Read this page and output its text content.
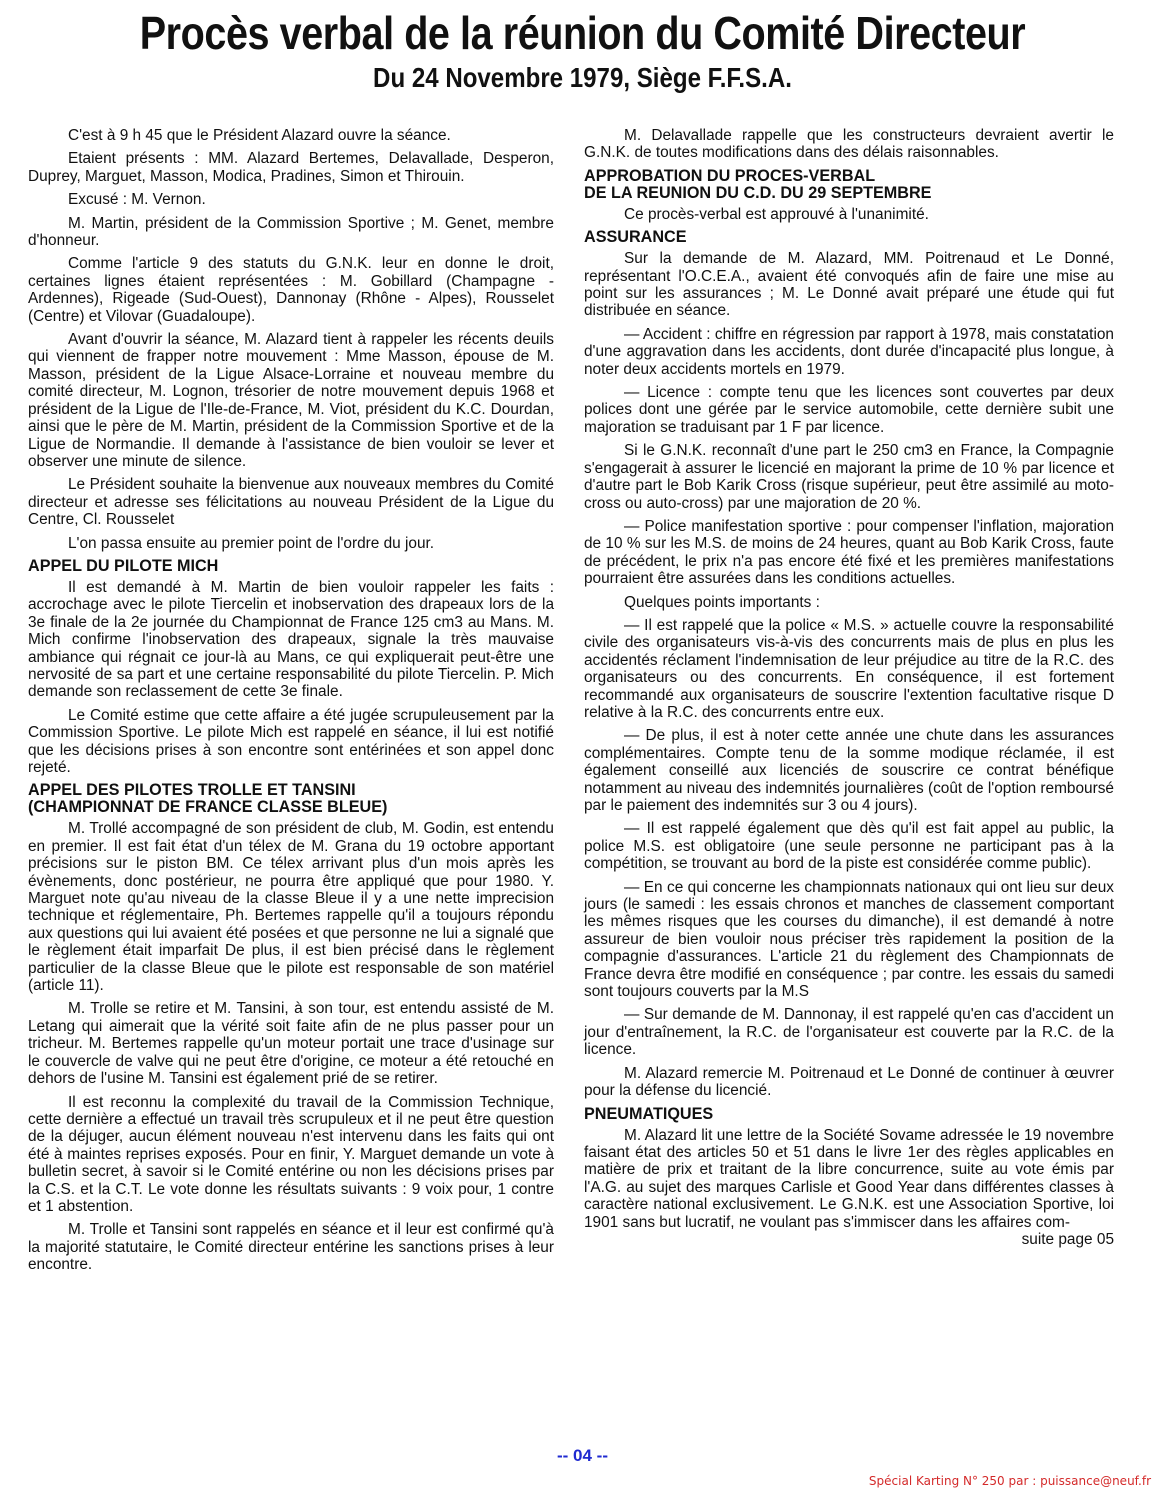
Procès verbal de la réunion du Comité Directeur
Du 24 Novembre 1979, Siège F.F.S.A.

C'est à 9 h 45 que le Président Alazard ouvre la séance.

Etaient présents : MM. Alazard Bertemes, Delavallade, Desperon, Duprey, Marguet, Masson, Modica, Pradines, Simon et Thirouin.

Excusé : M. Vernon.

M. Martin, président de la Commission Sportive ; M. Genet, membre d'honneur.

Comme l'article 9 des statuts du G.N.K. leur en donne le droit, certaines lignes étaient représentées : M. Gobillard (Champagne - Ardennes), Rigeade (Sud-Ouest), Dannonay (Rhône - Alpes), Rousselet (Centre) et Vilovar (Guadaloupe).

Avant d'ouvrir la séance, M. Alazard tient à rappeler les récents deuils qui viennent de frapper notre mouvement : Mme Masson, épouse de M. Masson, président de la Ligue Alsace-Lorraine et nouveau membre du comité directeur, M. Lognon, trésorier de notre mouvement depuis 1968 et président de la Ligue de l'Ile-de-France, M. Viot, président du K.C. Dourdan, ainsi que le père de M. Martin, président de la Commission Sportive et de la Ligue de Normandie. Il demande à l'assistance de bien vouloir se lever et observer une minute de silence.

Le Président souhaite la bienvenue aux nouveaux membres du Comité directeur et adresse ses félicitations au nouveau Président de la Ligue du Centre, Cl. Rousselet

L'on passa ensuite au premier point de l'ordre du jour.

APPEL DU PILOTE MICH

Il est demandé à M. Martin de bien vouloir rappeler les faits : accrochage avec le pilote Tiercelin et inobservation des drapeaux lors de la 3e finale de la 2e journée du Championnat de France 125 cm3 au Mans. M. Mich confirme l'inobservation des drapeaux, signale la très mauvaise ambiance qui régnait ce jour-là au Mans, ce qui expliquerait peut-être une nervosité de sa part et une certaine responsabilité du pilote Tiercelin. P. Mich demande son reclassement de cette 3e finale.

Le Comité estime que cette affaire a été jugée scrupuleusement par la Commission Sportive. Le pilote Mich est rappelé en séance, il lui est notifié que les décisions prises à son encontre sont entérinées et son appel donc rejeté.

APPEL DES PILOTES TROLLE ET TANSINI
(CHAMPIONNAT DE FRANCE CLASSE BLEUE)

M. Trollé accompagné de son président de club, M. Godin, est entendu en premier. Il est fait état d'un télex de M. Grana du 19 octobre apportant précisions sur le piston BM. Ce télex arrivant plus d'un mois après les évènements, donc postérieur, ne pourra être appliqué que pour 1980. Y. Marguet note qu'au niveau de la classe Bleue il y a une nette imprecision technique et réglementaire, Ph. Bertemes rappelle qu'il a toujours répondu aux questions qui lui avaient été posées et que personne ne lui a signalé que le règlement était imparfait De plus, il est bien précisé dans le règlement particulier de la classe Bleue que le pilote est responsable de son matériel (article 11).

M. Trolle se retire et M. Tansini, à son tour, est entendu assisté de M. Letang qui aimerait que la vérité soit faite afin de ne plus passer pour un tricheur. M. Bertemes rappelle qu'un moteur portait une trace d'usinage sur le couvercle de valve qui ne peut être d'origine, ce moteur a été retouché en dehors de l'usine M. Tansini est également prié de se retirer.

Il est reconnu la complexité du travail de la Commission Technique, cette dernière a effectué un travail très scrupuleux et il ne peut être question de la déjuger, aucun élément nouveau n'est intervenu dans les faits qui ont été à maintes reprises exposés. Pour en finir, Y. Marguet demande un vote à bulletin secret, à savoir si le Comité entérine ou non les décisions prises par la C.S. et la C.T. Le vote donne les résultats suivants : 9 voix pour, 1 contre et 1 abstention.

M. Trolle et Tansini sont rappelés en séance et il leur est confirmé qu'à la majorité statutaire, le Comité directeur entérine les sanctions prises à leur encontre.

M. Delavallade rappelle que les constructeurs devraient avertir le G.N.K. de toutes modifications dans des délais raisonnables.

APPROBATION DU PROCES-VERBAL
DE LA REUNION DU C.D. DU 29 SEPTEMBRE

Ce procès-verbal est approuvé à l'unanimité.

ASSURANCE

Sur la demande de M. Alazard, MM. Poitrenaud et Le Donné, représentant l'O.C.E.A., avaient été convoqués afin de faire une mise au point sur les assurances ; M. Le Donné avait préparé une étude qui fut distribuée en séance.

— Accident : chiffre en régression par rapport à 1978, mais constatation d'une aggravation dans les accidents, dont durée d'incapacité plus longue, à noter deux accidents mortels en 1979.

— Licence : compte tenu que les licences sont couvertes par deux polices dont une gérée par le service automobile, cette dernière subit une majoration se traduisant par 1 F par licence.

Si le G.N.K. reconnaît d'une part le 250 cm3 en France, la Compagnie s'engagerait à assurer le licencié en majorant la prime de 10 % par licence et d'autre part le Bob Karik Cross (risque supérieur, peut être assimilé au moto-cross ou auto-cross) par une majoration de 20 %.

— Police manifestation sportive : pour compenser l'inflation, majoration de 10 % sur les M.S. de moins de 24 heures, quant au Bob Karik Cross, faute de précédent, le prix n'a pas encore été fixé et les premières manifestations pourraient être assurées dans les conditions actuelles.

Quelques points importants :

— Il est rappelé que la police « M.S. » actuelle couvre la responsabilité civile des organisateurs vis-à-vis des concurrents mais de plus en plus les accidentés réclament l'indemnisation de leur préjudice au titre de la R.C. des organisateurs ou des concurrents. En conséquence, il est fortement recommandé aux organisateurs de souscrire l'extention facultative risque D relative à la R.C. des concurrents entre eux.

— De plus, il est à noter cette année une chute dans les assurances complémentaires. Compte tenu de la somme modique réclamée, il est également conseillé aux licenciés de souscrire ce contrat bénéfique notamment au niveau des indemnités journalières (coût de l'option remboursé par le paiement des indemnités sur 3 ou 4 jours).

— Il est rappelé également que dès qu'il est fait appel au public, la police M.S. est obligatoire (une seule personne ne participant pas à la compétition, se trouvant au bord de la piste est considérée comme public).

— En ce qui concerne les championnats nationaux qui ont lieu sur deux jours (le samedi : les essais chronos et manches de classement comportant les mêmes risques que les courses du dimanche), il est demandé à notre assureur de bien vouloir nous préciser très rapidement la position de la compagnie d'assurances. L'article 21 du règlement des Championnats de France devra être modifié en conséquence ; par contre. les essais du samedi sont toujours couverts par la M.S

— Sur demande de M. Dannonay, il est rappelé qu'en cas d'accident un jour d'entraînement, la R.C. de l'organisateur est couverte par la R.C. de la licence.

M. Alazard remercie M. Poitrenaud et Le Donné de continuer à œuvrer pour la défense du licencié.

PNEUMATIQUES

M. Alazard lit une lettre de la Société Sovame adressée le 19 novembre faisant état des articles 50 et 51 dans le livre 1er des règles applicables en matière de prix et traitant de la libre concurrence, suite au vote émis par l'A.G. au sujet des marques Carlisle et Good Year dans différentes classes à caractère national exclusivement. Le G.N.K. est une Association Sportive, loi 1901 sans but lucratif, ne voulant pas s'immiscer dans les affaires com-

suite page 05

-- 04 --
Spécial Karting N° 250 par : puissance@neuf.fr
